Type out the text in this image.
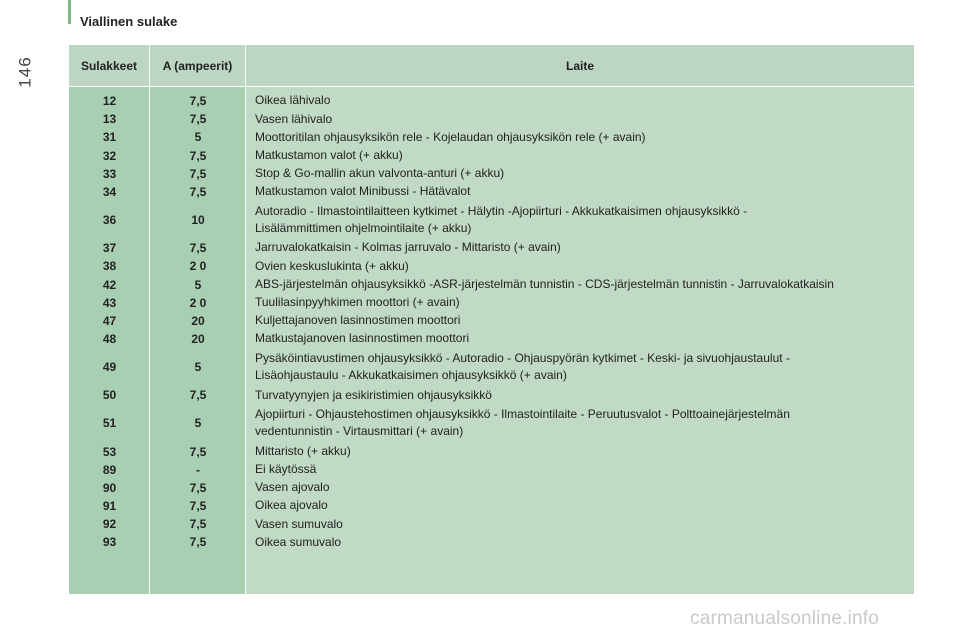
Viallinen sulake
146	Sulakkeet	A (ampeerit)	Laite
12	7,5	Oikea lähivalo
13	7,5	Vasen lähivalo
31	5	Moottoritilan ohjausyksikön rele - Kojelaudan ohjausyksikön rele (+ avain)
32	7,5	Matkustamon valot (+ akku)
33	7,5	Stop & Go-mallin akun valvonta-anturi (+ akku)
34	7,5	Matkustamon valot Minibussi - Hätävalot
36	10
Autoradio - Ilmastointilaitteen kytkimet - Hälytin -Ajopiirturi - Akkukatkaisimen ohjausyksikkö -
Lisälämmittimen ohjelmointilaite (+ akku)
37	7,5	Jarruvalokatkaisin - Kolmas jarruvalo - Mittaristo (+ avain)
38	2 0	Ovien keskuslukinta (+ akku)
42	5	ABS-järjestelmän ohjausyksikkö -ASR-järjestelmän tunnistin - CDS-järjestelmän tunnistin - Jarruvalokatkaisin
43	2 0	Tuulilasinpyyhkimen moottori (+ avain)
47	20	Kuljettajanoven lasinnostimen moottori
48	20	Matkustajanoven lasinnostimen moottori
49	5
Pysäköintiavustimen ohjausyksikkö - Autoradio - Ohjauspyörän kytkimet - Keski- ja sivuohjaustaulut -
Lisäohjaustaulu - Akkukatkaisimen ohjausyksikkö (+ avain)
50	7,5	Turvatyynyjen ja esikiristimien ohjausyksikkö
51	5
Ajopiirturi - Ohjaustehostimen ohjausyksikkö - Ilmastointilaite - Peruutusvalot - Polttoainejärjestelmän
vedentunnistin - Virtausmittari (+ avain)
53	7,5	Mittaristo (+ akku)
89	-	Ei käytössä
90	7,5	Vasen ajovalo
91	7,5	Oikea ajovalo
92	7,5	Vasen sumuvalo
93	7,5	Oikea sumuvalo
carmanualsonline.info
